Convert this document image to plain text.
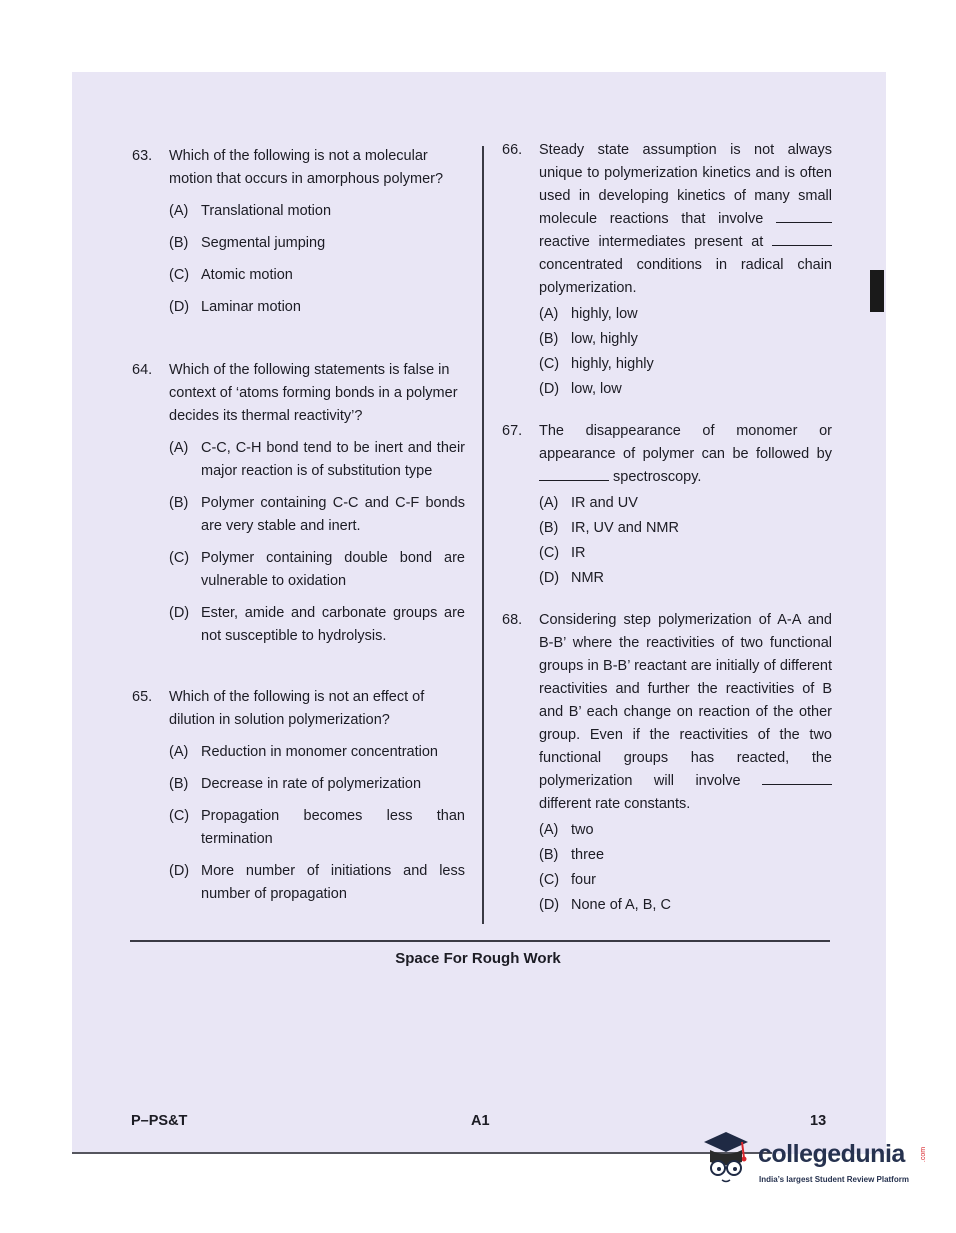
63. Which of the following is not a molecular motion that occurs in amorphous polymer?
(A) Translational motion
(B) Segmental jumping
(C) Atomic motion
(D) Laminar motion
64. Which of the following statements is false in context of ‘atoms forming bonds in a polymer decides its thermal reactivity’?
(A) C-C, C-H bond tend to be inert and their major reaction is of substitution type
(B) Polymer containing C-C and C-F bonds are very stable and inert.
(C) Polymer containing double bond are vulnerable to oxidation
(D) Ester, amide and carbonate groups are not susceptible to hydrolysis.
65. Which of the following is not an effect of dilution in solution polymerization?
(A) Reduction in monomer concentration
(B) Decrease in rate of polymerization
(C) Propagation becomes less than termination
(D) More number of initiations and less number of propagation
66. Steady state assumption is not always unique to polymerization kinetics and is often used in developing kinetics of many small molecule reactions that involve  reactive intermediates present at  concentrated conditions in radical chain polymerization.
(A) highly, low
(B) low, highly
(C) highly, highly
(D) low, low
67. The disappearance of monomer or appearance of polymer can be followed by  spectroscopy.
(A) IR and UV
(B) IR, UV and NMR
(C) IR
(D) NMR
68. Considering step polymerization of A-A and B-B’ where the reactivities of two functional groups in B-B’ reactant are initially of different reactivities and further the reactivities of B and B’ each change on reaction of the other group. Even if the reactivities of the two functional groups has reacted, the polymerization will involve  different rate constants.
(A) two
(B) three
(C) four
(D) None of A, B, C
Space For Rough Work
P–PS&T	A1	13
collegedunia .com
India’s largest Student Review Platform
